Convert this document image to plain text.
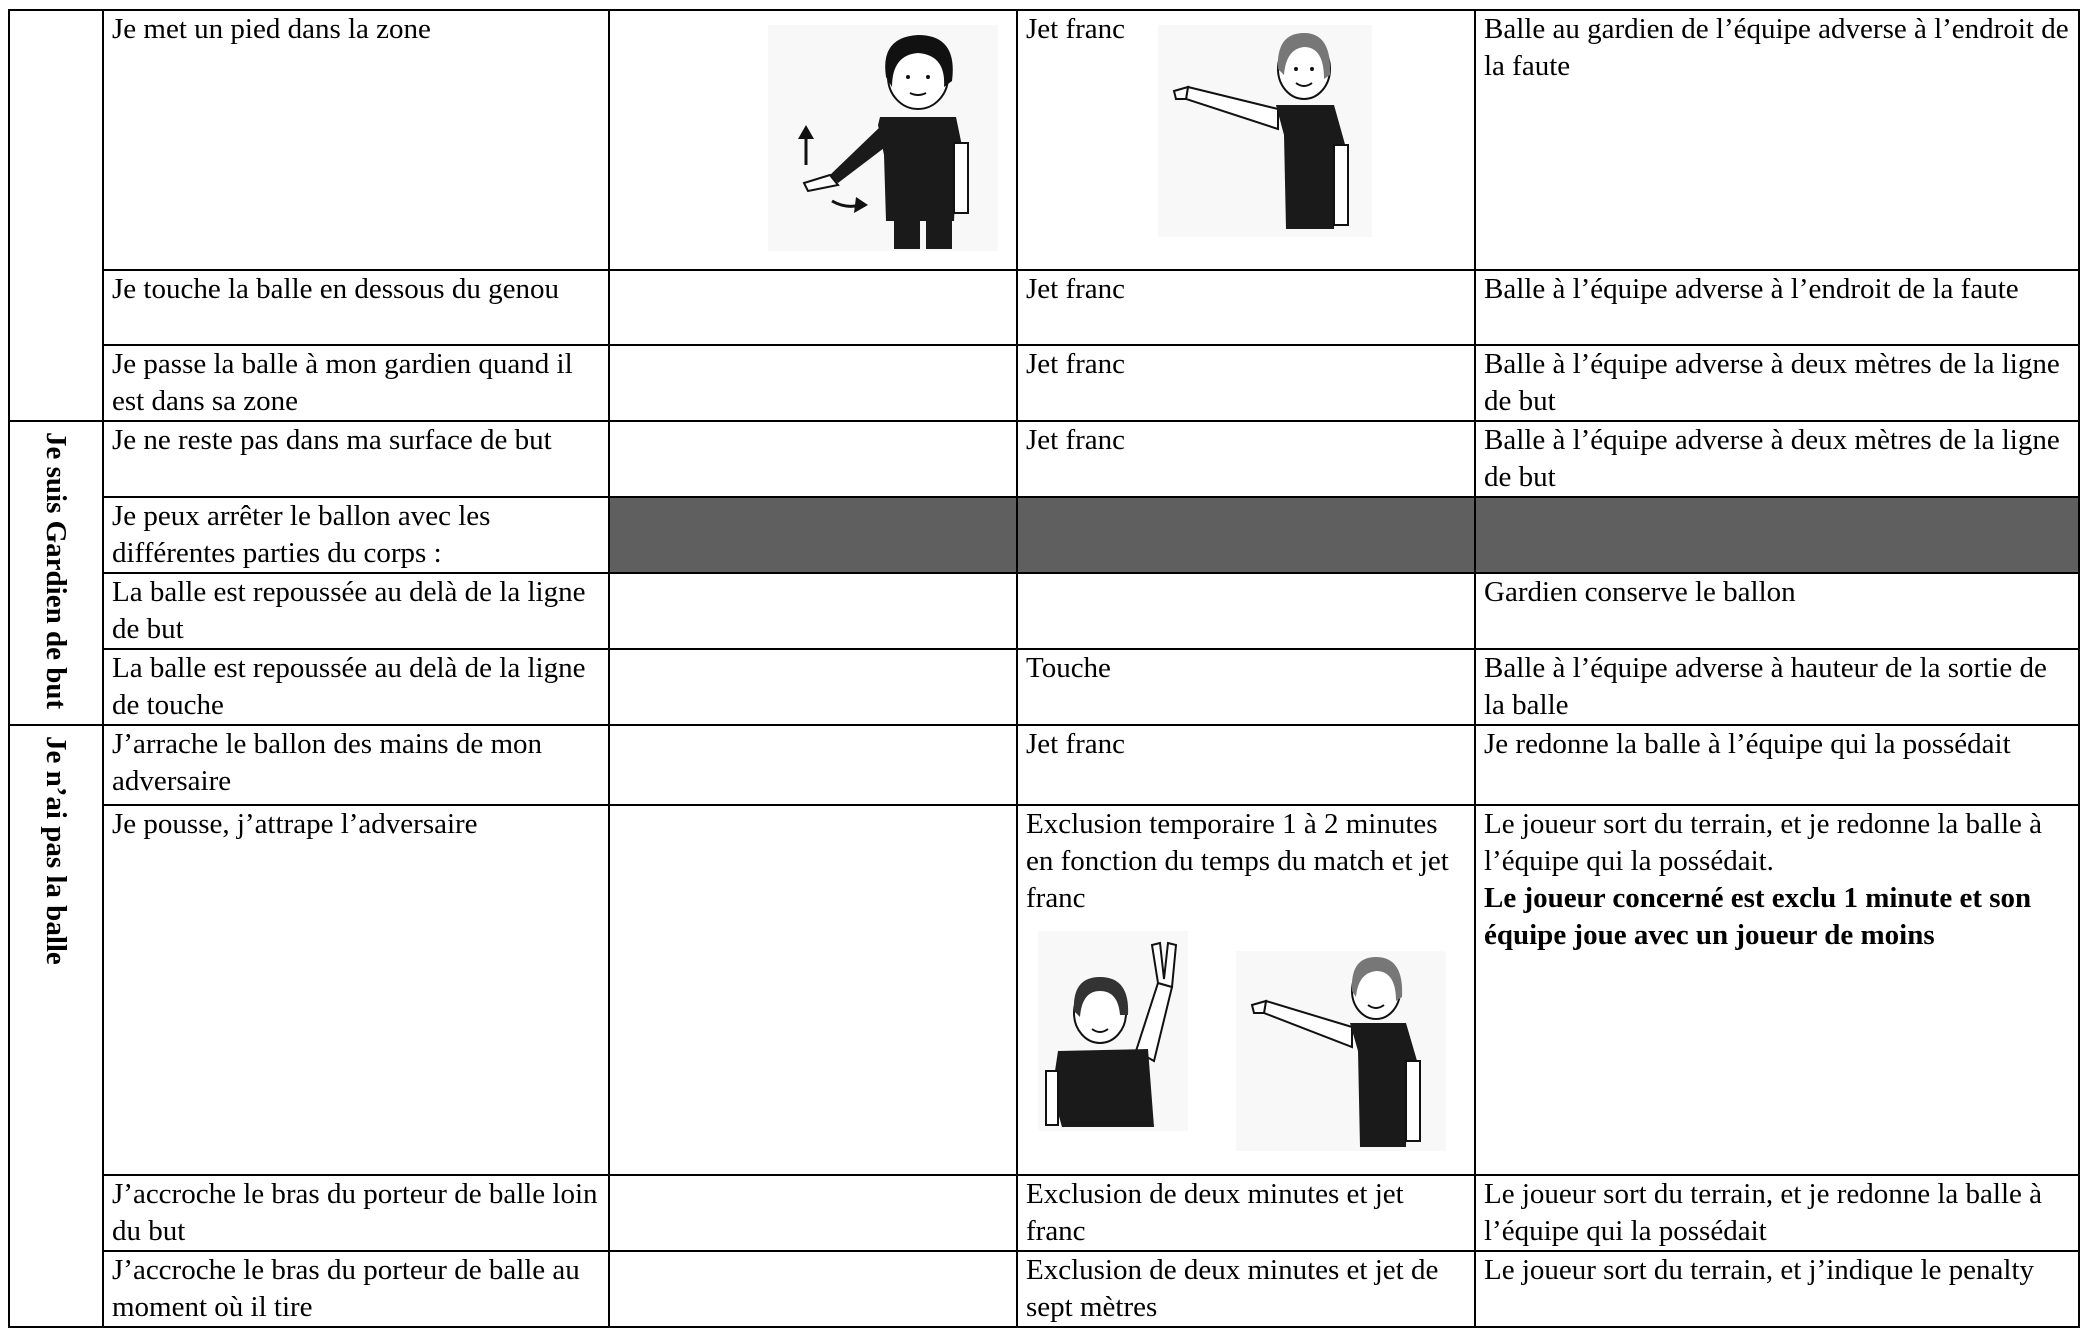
	Je met un pied dans la zone		Jet franc	Balle au gardien de l’équipe adverse à l’endroit de la faute
	Je touche la balle en dessous du genou		Jet franc	Balle à l’équipe adverse à l’endroit de la faute
	Je passe la balle à mon gardien quand il est dans sa zone		Jet franc	Balle à l’équipe adverse à deux mètres de la ligne de but

Je suis Gardien de but	Je ne reste pas dans ma surface de but		Jet franc	Balle à l’équipe adverse à deux mètres de la ligne de but
	Je peux arrêter le ballon avec les différentes parties du corps :			
	La balle est repoussée au delà de la ligne de but			Gardien conserve le ballon
	La balle est repoussée au delà de la ligne de touche		Touche	Balle à l’équipe adverse à hauteur de la sortie de la balle

Je n’ai pas la balle	J’arrache le ballon des mains de mon adversaire		Jet franc	Je redonne la balle à l’équipe qui la possédait
	Je pousse, j’attrape l’adversaire		Exclusion temporaire 1 à 2 minutes en fonction du temps du match et jet franc	Le joueur sort du terrain, et je redonne la balle à l’équipe qui la possédait.
Le joueur concerné est exclu 1 minute et son équipe joue avec un joueur de moins

	J’accroche le bras du porteur de balle loin du but		Exclusion de deux minutes et jet franc	Le joueur sort du terrain, et je redonne la balle à l’équipe qui la possédait
	J’accroche le bras du porteur de balle au moment où il tire		Exclusion de deux minutes et jet de sept mètres	Le joueur sort du terrain, et j’indique le penalty
